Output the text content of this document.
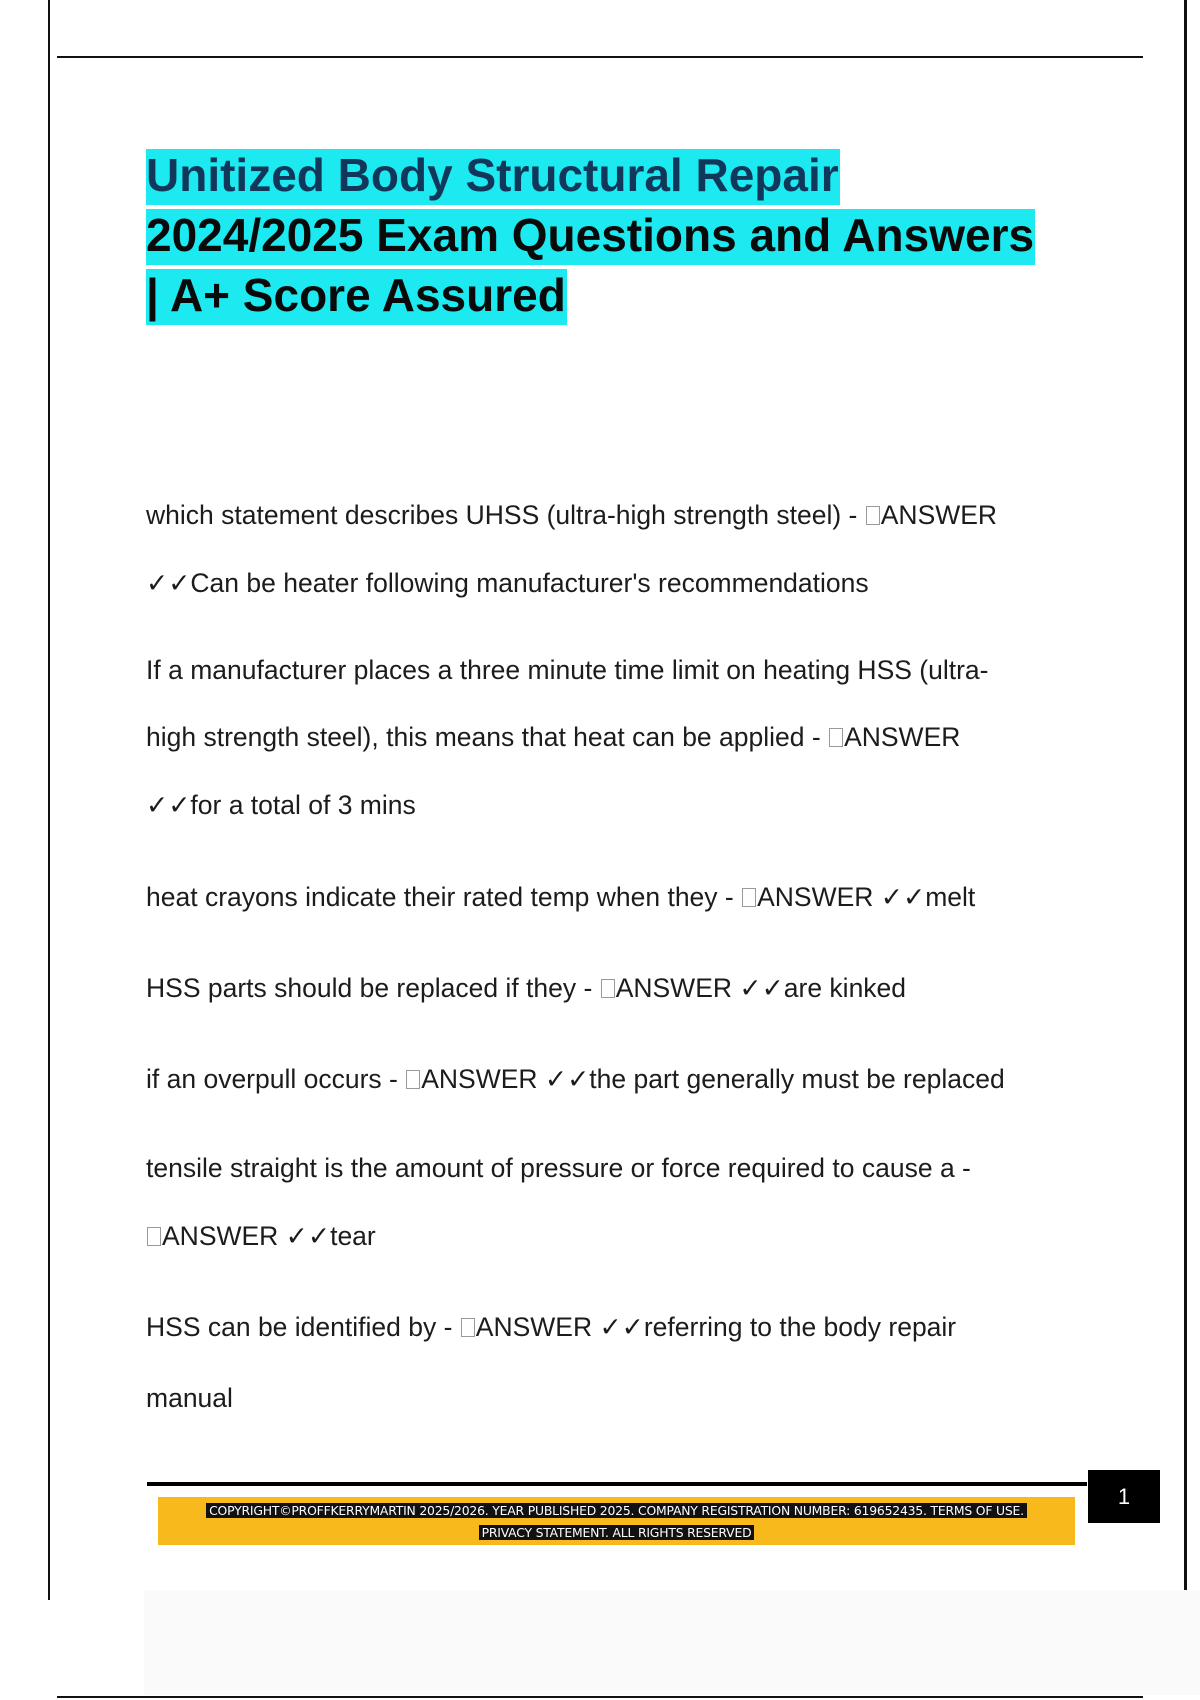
Unitized Body Structural Repair
2024/2025 Exam Questions and Answers
| A+ Score Assured
which statement describes UHSS (ultra-high strength steel) - ANSWER
✓✓Can be heater following manufacturer's recommendations
If a manufacturer places a three minute time limit on heating HSS (ultra-
high strength steel), this means that heat can be applied - ANSWER
✓✓for a total of 3 mins
heat crayons indicate their rated temp when they - ANSWER ✓✓melt
HSS parts should be replaced if they - ANSWER ✓✓are kinked
if an overpull occurs - ANSWER ✓✓the part generally must be replaced
tensile straight is the amount of pressure or force required to cause a -
ANSWER ✓✓tear
HSS can be identified by - ANSWER ✓✓referring to the body repair
manual
1
COPYRIGHT©PROFFKERRYMARTIN 2025/2026. YEAR PUBLISHED 2025. COMPANY REGISTRATION NUMBER: 619652435. TERMS OF USE.
PRIVACY STATEMENT. ALL RIGHTS RESERVED
